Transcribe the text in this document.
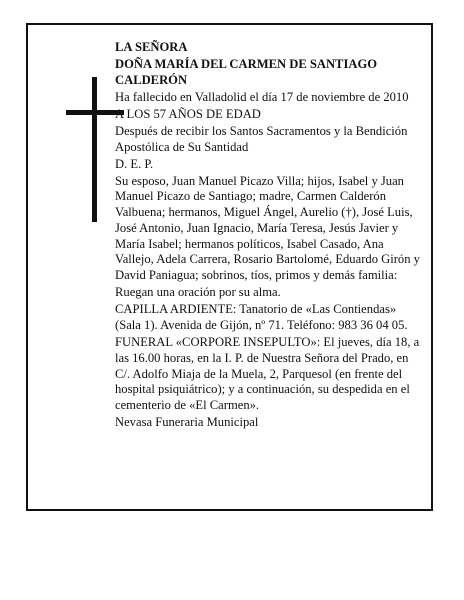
LA SEÑORA

DOÑA MARÍA DEL CARMEN DE SANTIAGO CALDERÓN

Ha fallecido en Valladolid el día 17 de noviembre de 2010

A LOS 57 AÑOS DE EDAD

Después de recibir los Santos Sacramentos y la Bendición Apostólica de Su Santidad

D. E. P.

Su esposo, Juan Manuel Picazo Villa; hijos, Isabel y Juan Manuel Picazo de Santiago; madre, Carmen Calderón Valbuena; hermanos, Miguel Ángel, Aurelio (†), José Luis, José Antonio, Juan Ignacio, María Teresa, Jesús Javier y María Isabel; hermanos políticos, Isabel Casado, Ana Vallejo, Adela Carrera, Rosario Bartolomé, Eduardo Girón y David Paniagua; sobrinos, tíos, primos y demás familia:

Ruegan una oración por su alma.

CAPILLA ARDIENTE: Tanatorio de «Las Contiendas» (Sala 1). Avenida de Gijón, nº 71. Teléfono: 983 36 04 05.

FUNERAL «CORPORE INSEPULTO»: El jueves, día 18, a las 16.00 horas, en la I. P. de Nuestra Señora del Prado, en C/. Adolfo Miaja de la Muela, 2, Parquesol (en frente del hospital psiquiátrico); y a continuación, su despedida en el cementerio de «El Carmen».

Nevasa Funeraria Municipal
